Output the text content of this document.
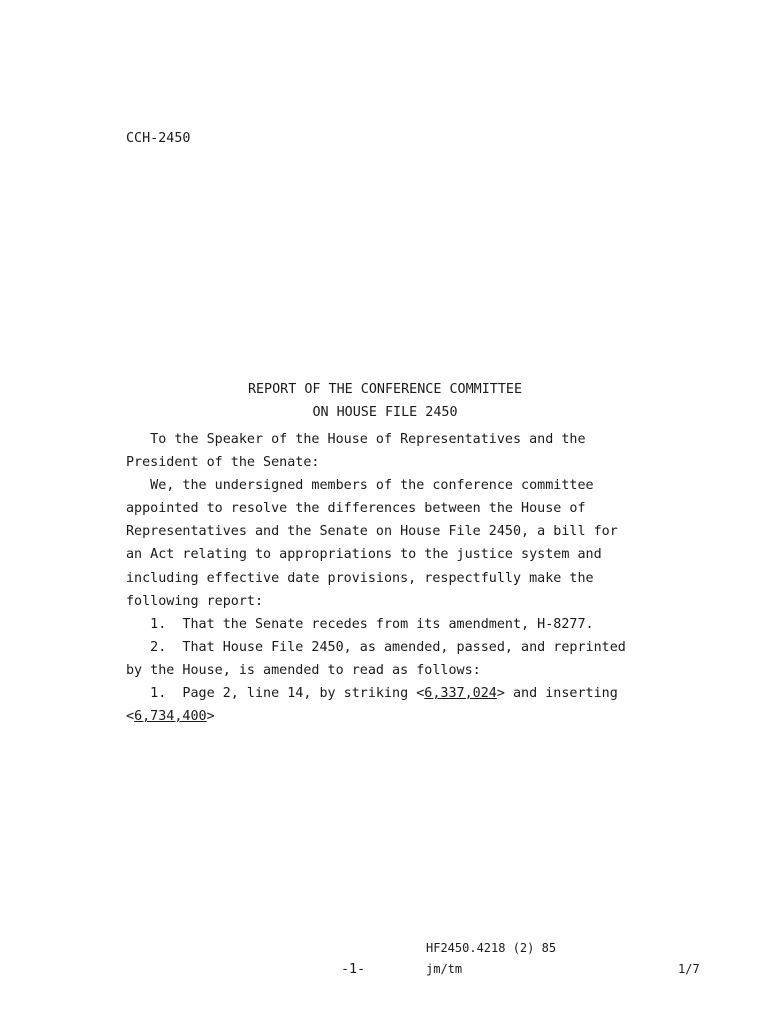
CCH-2450
REPORT OF THE CONFERENCE COMMITTEE
ON HOUSE FILE 2450
To the Speaker of the House of Representatives and the
President of the Senate:
We, the undersigned members of the conference committee
appointed to resolve the differences between the House of
Representatives and the Senate on House File 2450, a bill for
an Act relating to appropriations to the justice system and
including effective date provisions, respectfully make the
following report:
1.  That the Senate recedes from its amendment, H-8277.
2.  That House File 2450, as amended, passed, and reprinted
by the House, is amended to read as follows:
1.  Page 2, line 14, by striking <6,337,024> and inserting
<6,734,400>
HF2450.4218 (2) 85
-1-	jm/tm	1/7
